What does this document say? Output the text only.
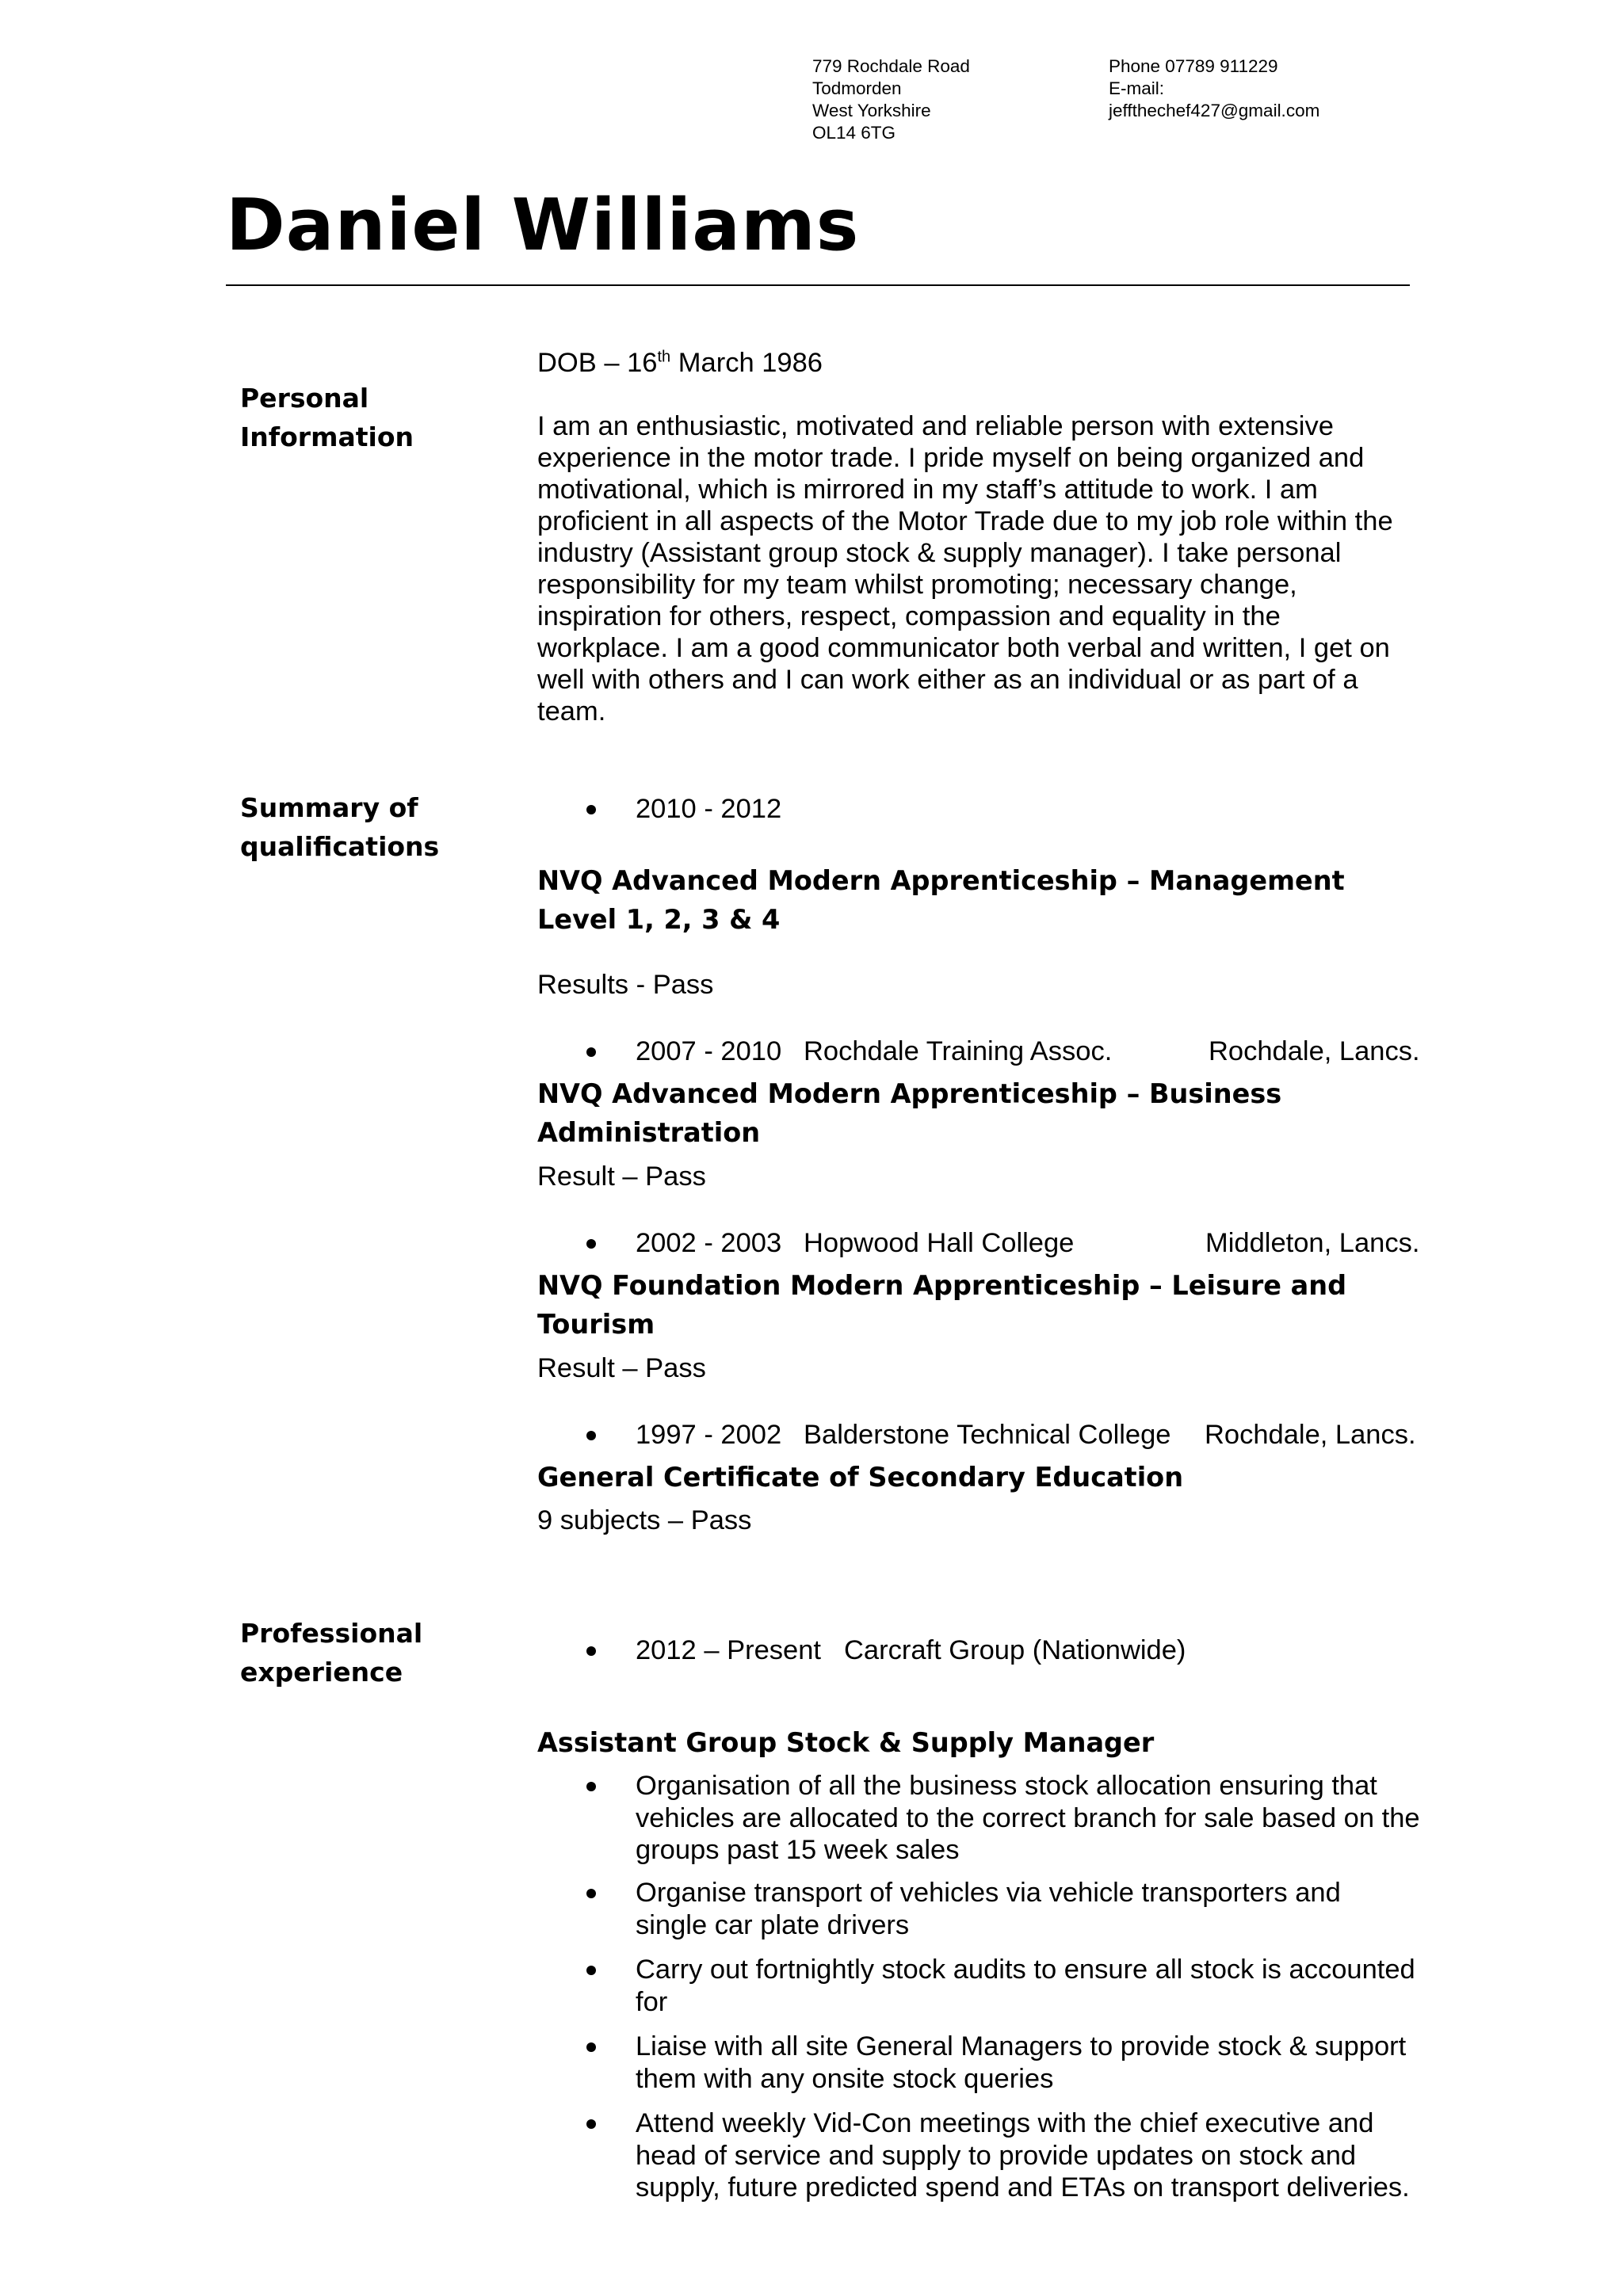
779 Rochdale Road
Todmorden
West Yorkshire
OL14 6TG
Phone 07789 911229
E-mail:
jeffthechef427@gmail.com
Daniel Williams
Personal
Information
DOB – 16th March 1986
I am an enthusiastic, motivated and reliable person with extensive experience in the motor trade. I pride myself on being organized and motivational, which is mirrored in my staff’s attitude to work. I am proficient in all aspects of the Motor Trade due to my job role within the industry (Assistant group stock & supply manager). I take personal responsibility for my team whilst promoting; necessary change, inspiration for others, respect, compassion and equality in the workplace. I am a good communicator both verbal and written, I get on well with others and I can work either as an individual or as part of a team.
Summary of
qualifications
2010 - 2012
NVQ Advanced Modern Apprenticeship – Management Level 1, 2, 3 & 4
Results - Pass
2007 - 2010 Rochdale Training Assoc.	Rochdale, Lancs.
NVQ Advanced Modern Apprenticeship – Business Administration
Result – Pass
2002 - 2003 Hopwood Hall College	Middleton, Lancs.
NVQ Foundation Modern Apprenticeship – Leisure and Tourism
Result – Pass
1997 - 2002 Balderstone Technical College Rochdale, Lancs.
General Certificate of Secondary Education
9 subjects – Pass
Professional
experience
2012 – Present Carcraft Group (Nationwide)
Assistant Group Stock & Supply Manager
Organisation of all the business stock allocation ensuring that vehicles are allocated to the correct branch for sale based on the groups past 15 week sales
Organise transport of vehicles via vehicle transporters and single car plate drivers
Carry out fortnightly stock audits to ensure all stock is accounted for
Liaise with all site General Managers to provide stock & support them with any onsite stock queries
Attend weekly Vid-Con meetings with the chief executive and head of service and supply to provide updates on stock and supply, future predicted spend and ETAs on transport deliveries.
